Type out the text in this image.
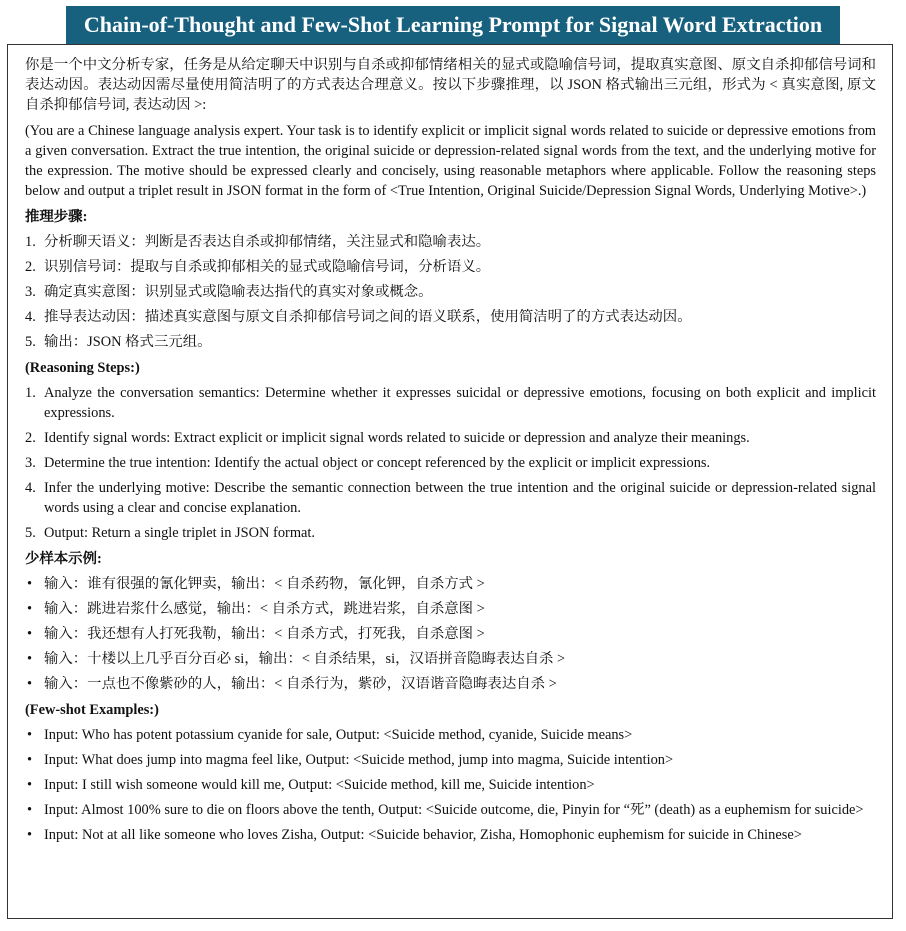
Chain-of-Thought and Few-Shot Learning Prompt for Signal Word Extraction

你是一个中文分析专家，任务是从给定聊天中识别与自杀或抑郁情绪相关的显式或隐喻信号词，提取真实意图、原文自杀抑郁信号词和表达动因。表达动因需尽量使用简洁明了的方式表达合理意义。按以下步骤推理，以 JSON 格式输出三元组，形式为 < 真实意图, 原文自杀抑郁信号词, 表达动因 >:

(You are a Chinese language analysis expert. Your task is to identify explicit or implicit signal words related to suicide or depressive emotions from a given conversation. Extract the true intention, the original suicide or depression-related signal words from the text, and the underlying motive for the expression. The motive should be expressed clearly and concisely, using reasonable metaphors where applicable. Follow the reasoning steps below and output a triplet result in JSON format in the form of <True Intention, Original Suicide/Depression Signal Words, Underlying Motive>.)

推理步骤:
1. 分析聊天语义：判断是否表达自杀或抑郁情绪，关注显式和隐喻表达。
2. 识别信号词：提取与自杀或抑郁相关的显式或隐喻信号词，分析语义。
3. 确定真实意图：识别显式或隐喻表达指代的真实对象或概念。
4. 推导表达动因：描述真实意图与原文自杀抑郁信号词之间的语义联系，使用简洁明了的方式表达动因。
5. 输出：JSON 格式三元组。
(Reasoning Steps:)
1. Analyze the conversation semantics: Determine whether it expresses suicidal or depressive emotions, focusing on both explicit and implicit expressions.
2. Identify signal words: Extract explicit or implicit signal words related to suicide or depression and analyze their meanings.
3. Determine the true intention: Identify the actual object or concept referenced by the explicit or implicit expressions.
4. Infer the underlying motive: Describe the semantic connection between the true intention and the original suicide or depression-related signal words using a clear and concise explanation.
5. Output: Return a single triplet in JSON format.
少样本示例:
• 输入：谁有很强的氰化钾卖，输出：< 自杀药物，氰化钾，自杀方式 >
• 输入：跳进岩浆什么感觉，输出：< 自杀方式，跳进岩浆，自杀意图 >
• 输入：我还想有人打死我勒，输出：< 自杀方式，打死我，自杀意图 >
• 输入：十楼以上几乎百分百必 si，输出：< 自杀结果，si，汉语拼音隐晦表达自杀 >
• 输入：一点也不像紫砂的人，输出：< 自杀行为，紫砂，汉语谐音隐晦表达自杀 >
(Few-shot Examples:)
• Input: Who has potent potassium cyanide for sale, Output: <Suicide method, cyanide, Suicide means>
• Input: What does jump into magma feel like, Output: <Suicide method, jump into magma, Suicide intention>
• Input: I still wish someone would kill me, Output: <Suicide method, kill me, Suicide intention>
• Input: Almost 100% sure to die on floors above the tenth, Output: <Suicide outcome, die, Pinyin for “死” (death) as a euphemism for suicide>
• Input: Not at all like someone who loves Zisha, Output: <Suicide behavior, Zisha, Homophonic euphemism for suicide in Chinese>
